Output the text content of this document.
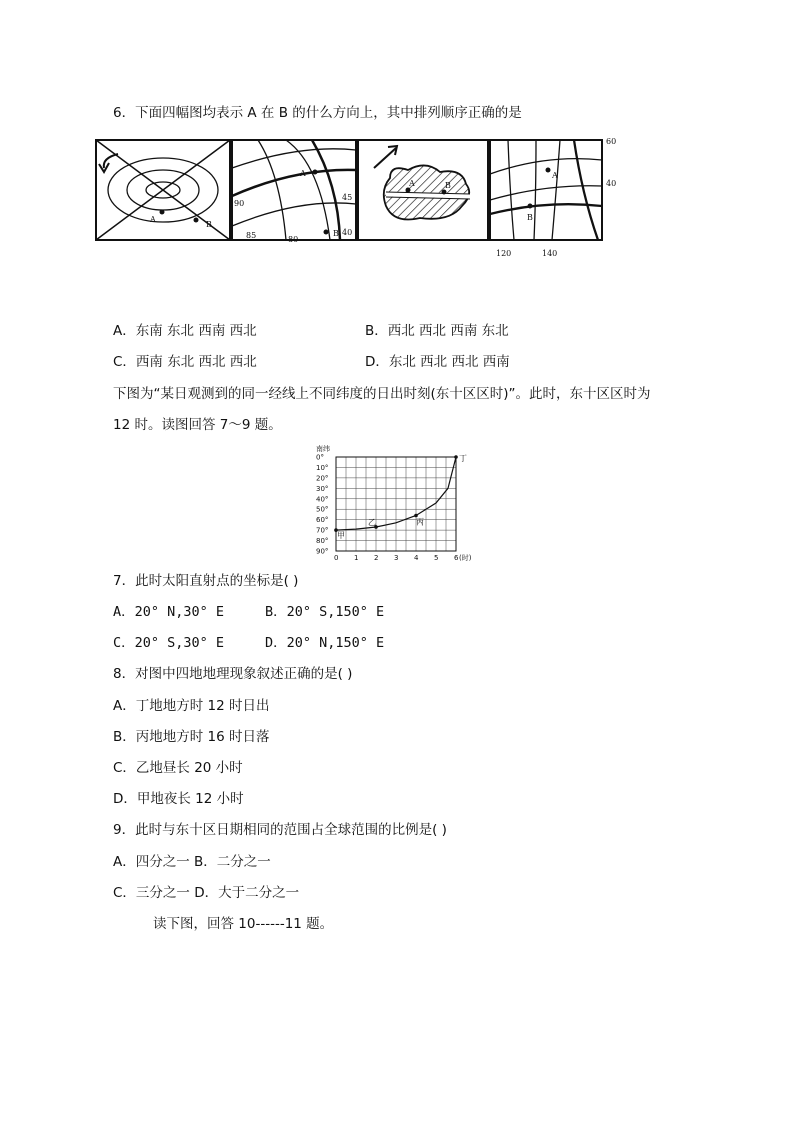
6．下面四幅图均表示 A 在 B 的什么方向上，其中排列顺序正确的是
A
B
A
B
90
45
85	80
40
A	B
A
B
60
40
120	140
A．东南 东北 西南 西北	B．西北 西北 西南 东北
C．西南 东北 西北 西北	D．东北 西北 西北 西南
下图为“某日观测到的同一经线上不同纬度的日出时刻(东十区区时)”。此时，东十区区时为
12 时。读图回答 7～9 题。
南纬
0°
10°
20°
30°
40°
50°
60°
70°
80°
90°
0 1 2 3 4 5 6 (时)
甲
乙	丙
丁
7．此时太阳直射点的坐标是( )
A．20° N,30° E	B．20° S,150° E
C．20° S,30° E	D．20° N,150° E
8．对图中四地地理现象叙述正确的是( )
A．丁地地方时 12 时日出
B．丙地地方时 16 时日落
C．乙地昼长 20 小时
D．甲地夜长 12 小时
9．此时与东十区日期相同的范围占全球范围的比例是( )
A．四分之一 B．二分之一
C．三分之一 D．大于二分之一
读下图，回答 10------11 题。
